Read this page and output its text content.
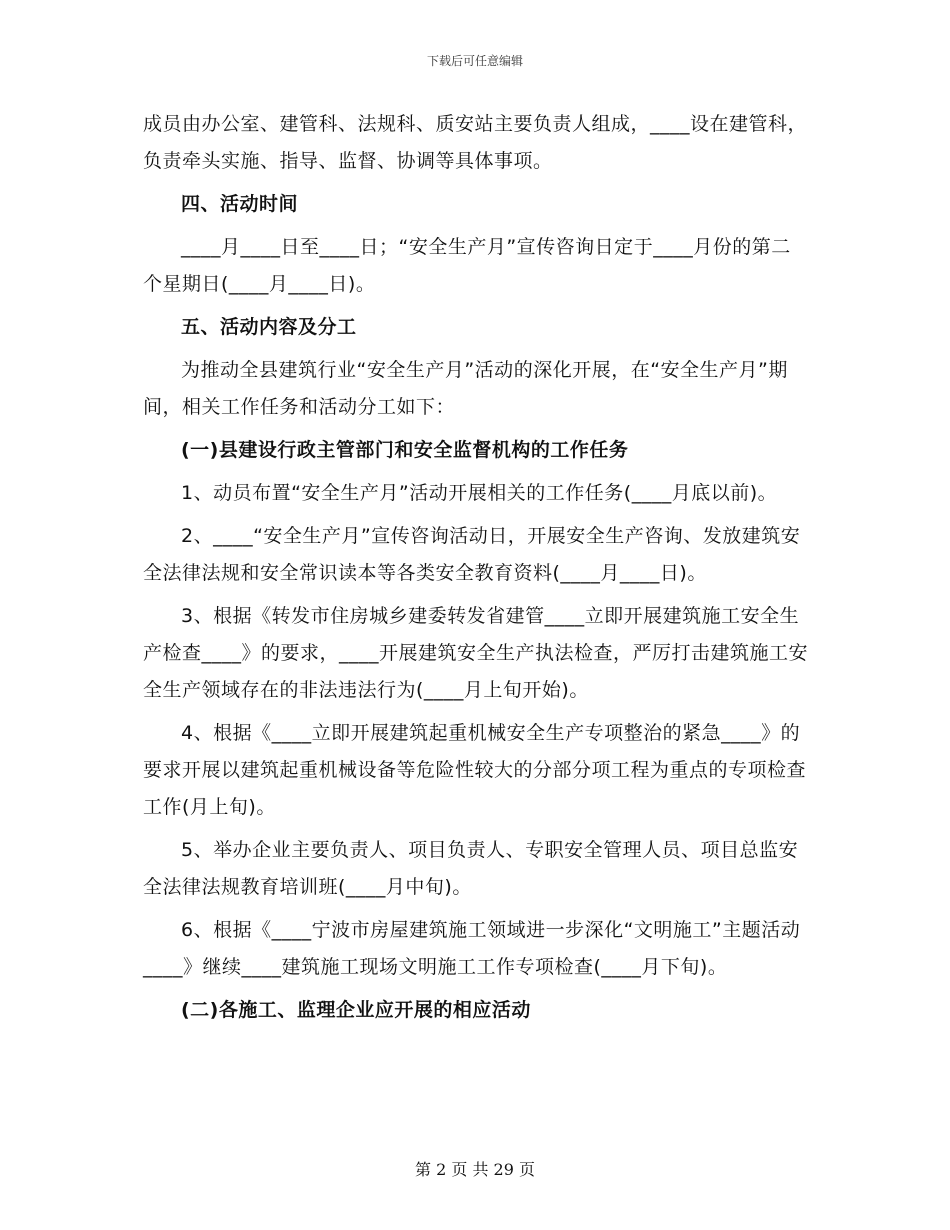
下载后可任意编辑

成员由办公室、建管科、法规科、质安站主要负责人组成，____设在建管科，负责牵头实施、指导、监督、协调等具体事项。

四、活动时间

____月____日至____日；“安全生产月”宣传咨询日定于____月份的第二个星期日(____月____日)。

五、活动内容及分工

为推动全县建筑行业“安全生产月”活动的深化开展，在“安全生产月”期间，相关工作任务和活动分工如下：

(一)县建设行政主管部门和安全监督机构的工作任务

1、动员布置“安全生产月”活动开展相关的工作任务(____月底以前)。

2、____“安全生产月”宣传咨询活动日，开展安全生产咨询、发放建筑安全法律法规和安全常识读本等各类安全教育资料(____月____日)。

3、根据《转发市住房城乡建委转发省建管____立即开展建筑施工安全生产检查____》的要求，____开展建筑安全生产执法检查，严厉打击建筑施工安全生产领域存在的非法违法行为(____月上旬开始)。

4、根据《____立即开展建筑起重机械安全生产专项整治的紧急____》的要求开展以建筑起重机械设备等危险性较大的分部分项工程为重点的专项检查工作(月上旬)。

5、举办企业主要负责人、项目负责人、专职安全管理人员、项目总监安全法律法规教育培训班(____月中旬)。

6、根据《____宁波市房屋建筑施工领域进一步深化“文明施工”主题活动____》继续____建筑施工现场文明施工工作专项检查(____月下旬)。

(二)各施工、监理企业应开展的相应活动

第 2 页 共 29 页
